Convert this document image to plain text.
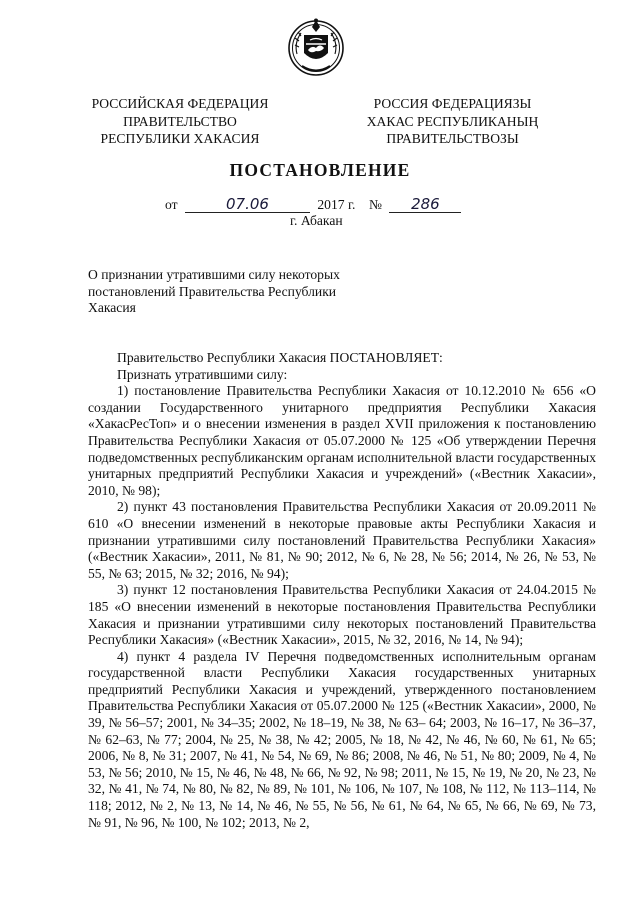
РОССИЙСКАЯ ФЕДЕРАЦИЯ
ПРАВИТЕЛЬСТВО
РЕСПУБЛИКИ ХАКАСИЯ
РОССИЯ ФЕДЕРАЦИЯЗЫ
ХАКАС РЕСПУБЛИКАНЫҢ
ПРАВИТЕЛЬСТВОЗЫ
ПОСТАНОВЛЕНИЕ
от	07.06	2017 г. № 286
г. Абакан
О признании утратившими силу некоторых
постановлений Правительства Республики
Хакасия

Правительство Республики Хакасия ПОСТАНОВЛЯЕТ:

Признать утратившими силу:

1) постановление Правительства Республики Хакасия от 10.12.2010 № 656 «О создании Государственного унитарного предприятия Республики Хакасия «ХакасРесТоп» и о внесении изменения в раздел XVII приложения к постановлению Правительства Республики Хакасия от 05.07.2000 № 125 «Об утверждении Перечня подведомственных республиканским органам исполнительной власти государственных унитарных предприятий Республики Хакасия и учреждений» («Вестник Хакасии», 2010, № 98);

2) пункт 43 постановления Правительства Республики Хакасия от 20.09.2011 № 610 «О внесении изменений в некоторые правовые акты Республики Хакасия и признании утратившими силу постановлений Правительства Республики Хакасия» («Вестник Хакасии», 2011, № 81, № 90; 2012, № 6, № 28, № 56; 2014, № 26, № 53, № 55, № 63; 2015, № 32; 2016, № 94);

3) пункт 12 постановления Правительства Республики Хакасия от 24.04.2015 № 185 «О внесении изменений в некоторые постановления Правительства Республики Хакасия и признании утратившими силу некоторых постановлений Правительства Республики Хакасия» («Вестник Хакасии», 2015, № 32, 2016, № 14, № 94);

4) пункт 4 раздела IV Перечня подведомственных исполнительным органам государственной власти Республики Хакасия государственных унитарных предприятий Республики Хакасия и учреждений, утвержденного постановлением Правительства Республики Хакасия от 05.07.2000 № 125 («Вестник Хакасии», 2000, № 39, № 56–57; 2001, № 34–35; 2002, № 18–19, № 38, № 63– 64; 2003, № 16–17, № 36–37, № 62–63, № 77; 2004, № 25, № 38, № 42; 2005, № 18, № 42, № 46, № 60, № 61, № 65; 2006, № 8, № 31; 2007, № 41, № 54, № 69, № 86; 2008, № 46, № 51, № 80; 2009, № 4, № 53, № 56; 2010, № 15, № 46, № 48, № 66, № 92, № 98; 2011, № 15, № 19, № 20, № 23, № 32, № 41, № 74, № 80, № 82, № 89, № 101, № 106, № 107, № 108, № 112, № 113–114, № 118; 2012, № 2, № 13, № 14, № 46, № 55, № 56, № 61, № 64, № 65, № 66, № 69, № 73, № 91, № 96, № 100, № 102; 2013, № 2,
